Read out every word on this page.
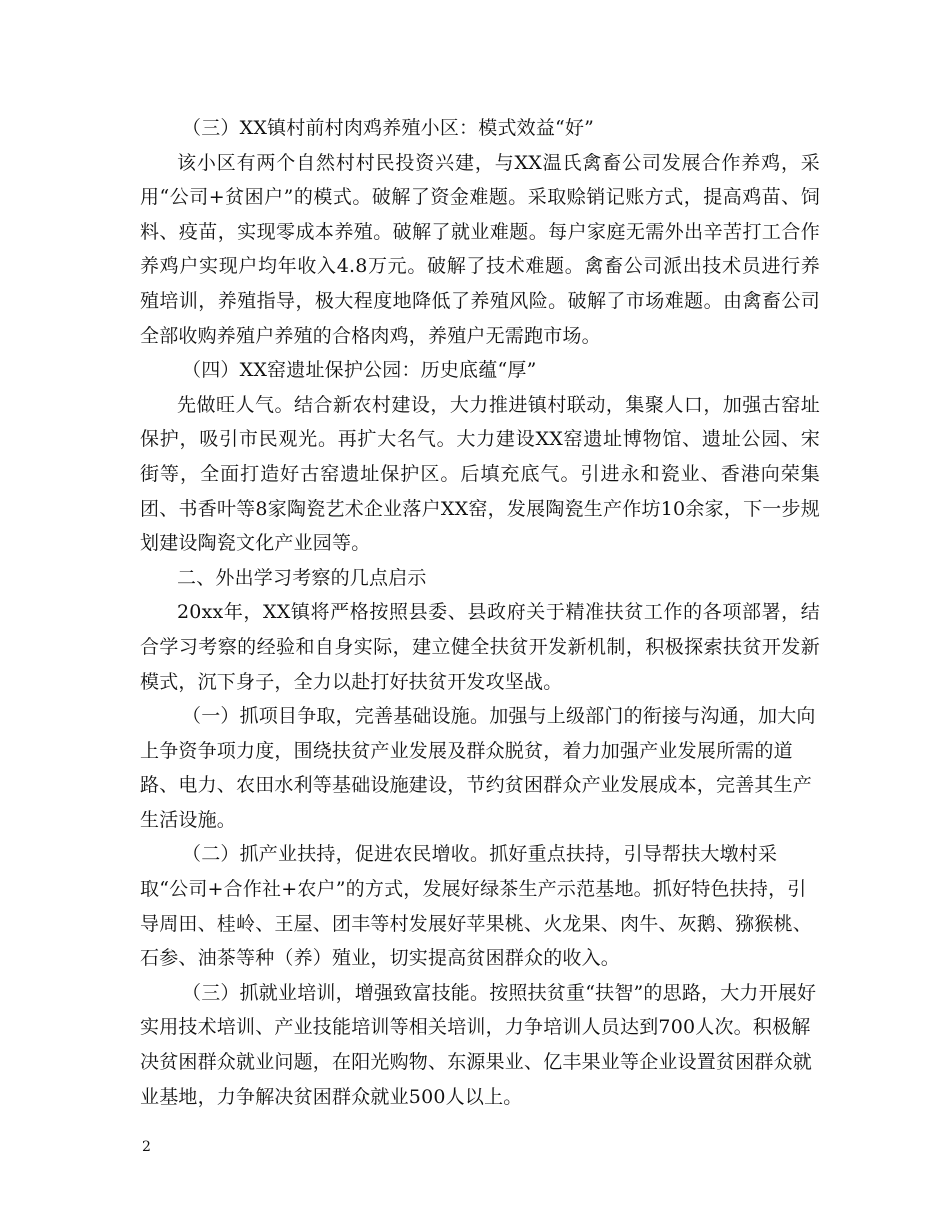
（三）XX镇村前村肉鸡养殖小区：模式效益“好”

该小区有两个自然村村民投资兴建，与XX温氏禽畜公司发展合作养鸡，采用“公司+贫困户”的模式。破解了资金难题。采取赊销记账方式，提高鸡苗、饲料、疫苗，实现零成本养殖。破解了就业难题。每户家庭无需外出辛苦打工合作养鸡户实现户均年收入4.8万元。破解了技术难题。禽畜公司派出技术员进行养殖培训，养殖指导，极大程度地降低了养殖风险。破解了市场难题。由禽畜公司全部收购养殖户养殖的合格肉鸡，养殖户无需跑市场。

（四）XX窑遗址保护公园：历史底蕴“厚”

先做旺人气。结合新农村建设，大力推进镇村联动，集聚人口，加强古窑址保护，吸引市民观光。再扩大名气。大力建设XX窑遗址博物馆、遗址公园、宋街等，全面打造好古窑遗址保护区。后填充底气。引进永和瓷业、香港向荣集团、书香叶等8家陶瓷艺术企业落户XX窑，发展陶瓷生产作坊10余家，下一步规划建设陶瓷文化产业园等。

二、外出学习考察的几点启示

20xx年，XX镇将严格按照县委、县政府关于精准扶贫工作的各项部署，结合学习考察的经验和自身实际，建立健全扶贫开发新机制，积极探索扶贫开发新模式，沉下身子，全力以赴打好扶贫开发攻坚战。

（一）抓项目争取，完善基础设施。加强与上级部门的衔接与沟通，加大向上争资争项力度，围绕扶贫产业发展及群众脱贫，着力加强产业发展所需的道路、电力、农田水利等基础设施建设，节约贫困群众产业发展成本，完善其生产生活设施。

（二）抓产业扶持，促进农民增收。抓好重点扶持，引导帮扶大墩村采取“公司+合作社+农户”的方式，发展好绿茶生产示范基地。抓好特色扶持，引导周田、桂岭、王屋、团丰等村发展好苹果桃、火龙果、肉牛、灰鹅、猕猴桃、石参、油茶等种（养）殖业，切实提高贫困群众的收入。

（三）抓就业培训，增强致富技能。按照扶贫重“扶智”的思路，大力开展好实用技术培训、产业技能培训等相关培训，力争培训人员达到700人次。积极解决贫困群众就业问题，在阳光购物、东源果业、亿丰果业等企业设置贫困群众就业基地，力争解决贫困群众就业500人以上。

2
